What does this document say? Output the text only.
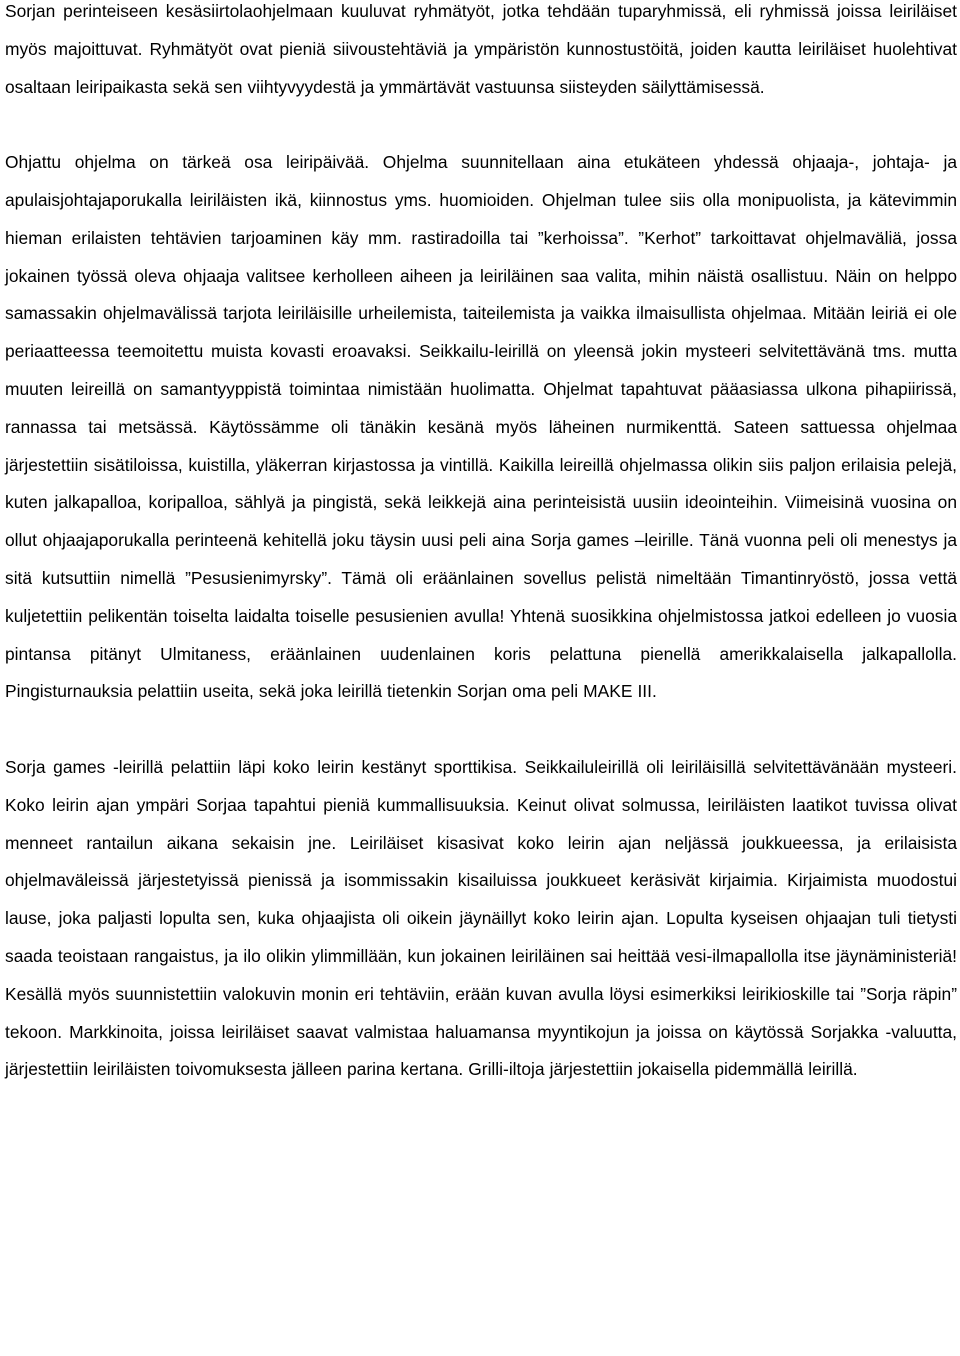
Sorjan perinteiseen kesäsiirtolaohjelmaan kuuluvat ryhmätyöt, jotka tehdään tuparyhmissä, eli ryhmissä joissa leiriläiset myös majoittuvat. Ryhmätyöt ovat pieniä siivoustehtäviä ja ympäristön kunnostustöitä, joiden kautta leiriläiset huolehtivat osaltaan leiripaikasta sekä sen viihtyvyydestä ja ymmärtävät vastuunsa siisteyden säilyttämisessä.

Ohjattu ohjelma on tärkeä osa leiripäivää. Ohjelma suunnitellaan aina etukäteen yhdessä ohjaaja-, johtaja- ja apulaisjohtajaporukalla leiriläisten ikä, kiinnostus yms. huomioiden. Ohjelman tulee siis olla monipuolista, ja kätevimmin hieman erilaisten tehtävien tarjoaminen käy mm. rastiradoilla tai ”kerhoissa”. ”Kerhot” tarkoittavat ohjelmaväliä, jossa jokainen työssä oleva ohjaaja valitsee kerholleen aiheen ja leiriläinen saa valita, mihin näistä osallistuu. Näin on helppo samassakin ohjelmavälissä tarjota leiriläisille urheilemista, taiteilemista ja vaikka ilmaisullista ohjelmaa. Mitään leiriä ei ole periaatteessa teemoitettu muista kovasti eroavaksi. Seikkailu-leirillä on yleensä jokin mysteeri selvitettävänä tms. mutta muuten leireillä on samantyyppistä toimintaa nimistään huolimatta. Ohjelmat tapahtuvat pääasiassa ulkona pihapiirissä, rannassa tai metsässä. Käytössämme oli tänäkin kesänä myös läheinen nurmikenttä. Sateen sattuessa ohjelmaa järjestettiin sisätiloissa, kuistilla, yläkerran kirjastossa ja vintillä. Kaikilla leireillä ohjelmassa olikin siis paljon erilaisia pelejä, kuten jalkapalloa, koripalloa, sählyä ja pingistä, sekä leikkejä aina perinteisistä uusiin ideointeihin. Viimeisinä vuosina on ollut ohjaajaporukalla perinteenä kehitellä joku täysin uusi peli aina Sorja games –leirille. Tänä vuonna peli oli menestys ja sitä kutsuttiin nimellä ”Pesusienimyrsky”. Tämä oli eräänlainen sovellus pelistä nimeltään Timantinryöstö, jossa vettä kuljetettiin pelikentän toiselta laidalta toiselle pesusienien avulla! Yhtenä suosikkina ohjelmistossa jatkoi edelleen jo vuosia pintansa pitänyt Ulmitaness, eräänlainen uudenlainen koris pelattuna pienellä amerikkalaisella jalkapallolla. Pingisturnauksia pelattiin useita, sekä joka leirillä tietenkin Sorjan oma peli MAKE III.

Sorja games -leirillä pelattiin läpi koko leirin kestänyt sporttikisa. Seikkailuleirillä oli leiriläisillä selvitettävänään mysteeri. Koko leirin ajan ympäri Sorjaa tapahtui pieniä kummallisuuksia. Keinut olivat solmussa, leiriläisten laatikot tuvissa olivat menneet rantailun aikana sekaisin jne. Leiriläiset kisasivat koko leirin ajan neljässä joukkueessa, ja erilaisista ohjelmaväleissä järjestetyissä pienissä ja isommissakin kisailuissa joukkueet keräsivät kirjaimia. Kirjaimista muodostui lause, joka paljasti lopulta sen, kuka ohjaajista oli oikein jäynäillyt koko leirin ajan. Lopulta kyseisen ohjaajan tuli tietysti saada teoistaan rangaistus, ja ilo olikin ylimmillään, kun jokainen leiriläinen sai heittää vesi-ilmapallolla itse jäynäministeriä! Kesällä myös suunnistettiin valokuvin monin eri tehtäviin, erään kuvan avulla löysi esimerkiksi leirikioskille tai ”Sorja räpin” tekoon. Markkinoita, joissa leiriläiset saavat valmistaa haluamansa myyntikojun ja joissa on käytössä Sorjakka -valuutta, järjestettiin leiriläisten toivomuksesta jälleen parina kertana. Grilli-iltoja järjestettiin jokaisella pidemmällä leirillä.
